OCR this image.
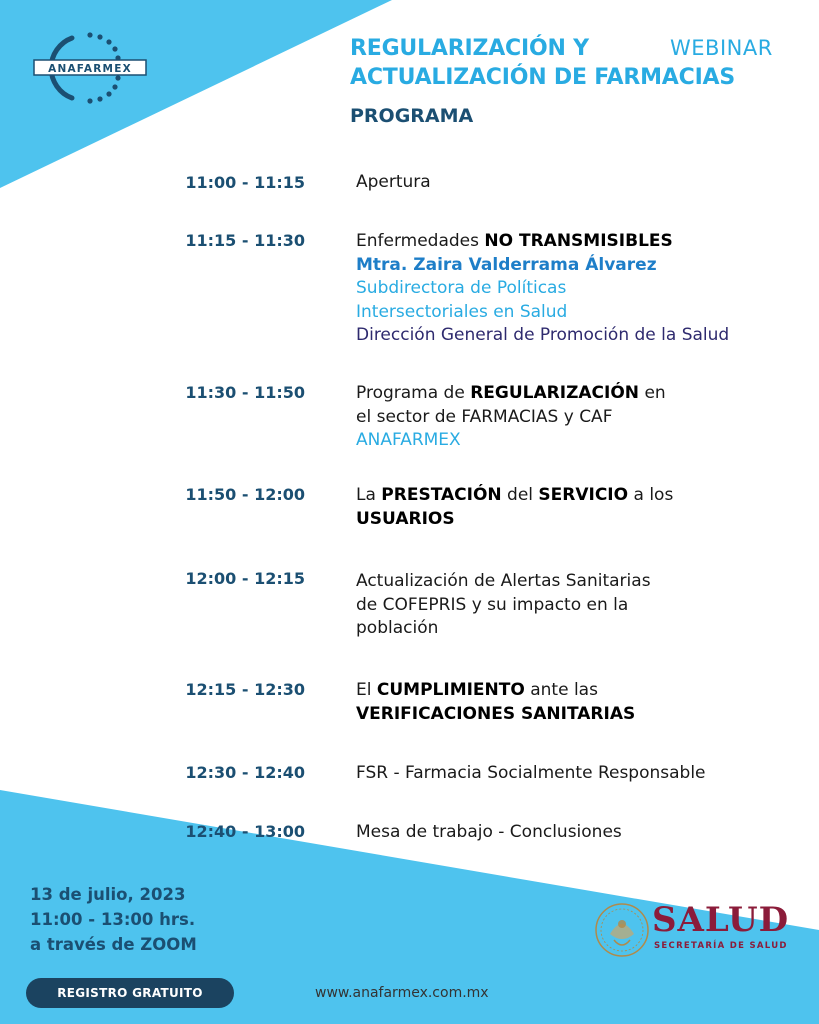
ANAFARMEX
REGULARIZACIÓN Y
ACTUALIZACIÓN DE FARMACIAS
WEBINAR
PROGRAMA
11:00 - 11:15	Apertura
11:15 - 11:30	Enfermedades NO TRANSMISIBLES
Mtra. Zaira Valderrama Álvarez
Subdirectora de Políticas
Intersectoriales en Salud
Dirección General de Promoción de la Salud
11:30 - 11:50	Programa de REGULARIZACIÓN en
el sector de FARMACIAS y CAF
ANAFARMEX
11:50 - 12:00	La PRESTACIÓN del SERVICIO a los
USUARIOS
12:00 - 12:15	Actualización de Alertas Sanitarias
de COFEPRIS y su impacto en la
población
12:15 - 12:30	El CUMPLIMIENTO ante las
VERIFICACIONES SANITARIAS
12:30 - 12:40	FSR - Farmacia Socialmente Responsable
12:40 - 13:00	Mesa de trabajo - Conclusiones
13 de julio, 2023
11:00 - 13:00 hrs.
a través de ZOOM
REGISTRO GRATUITO	www.anafarmex.com.mx
SALUD
SECRETARÍA DE SALUD
